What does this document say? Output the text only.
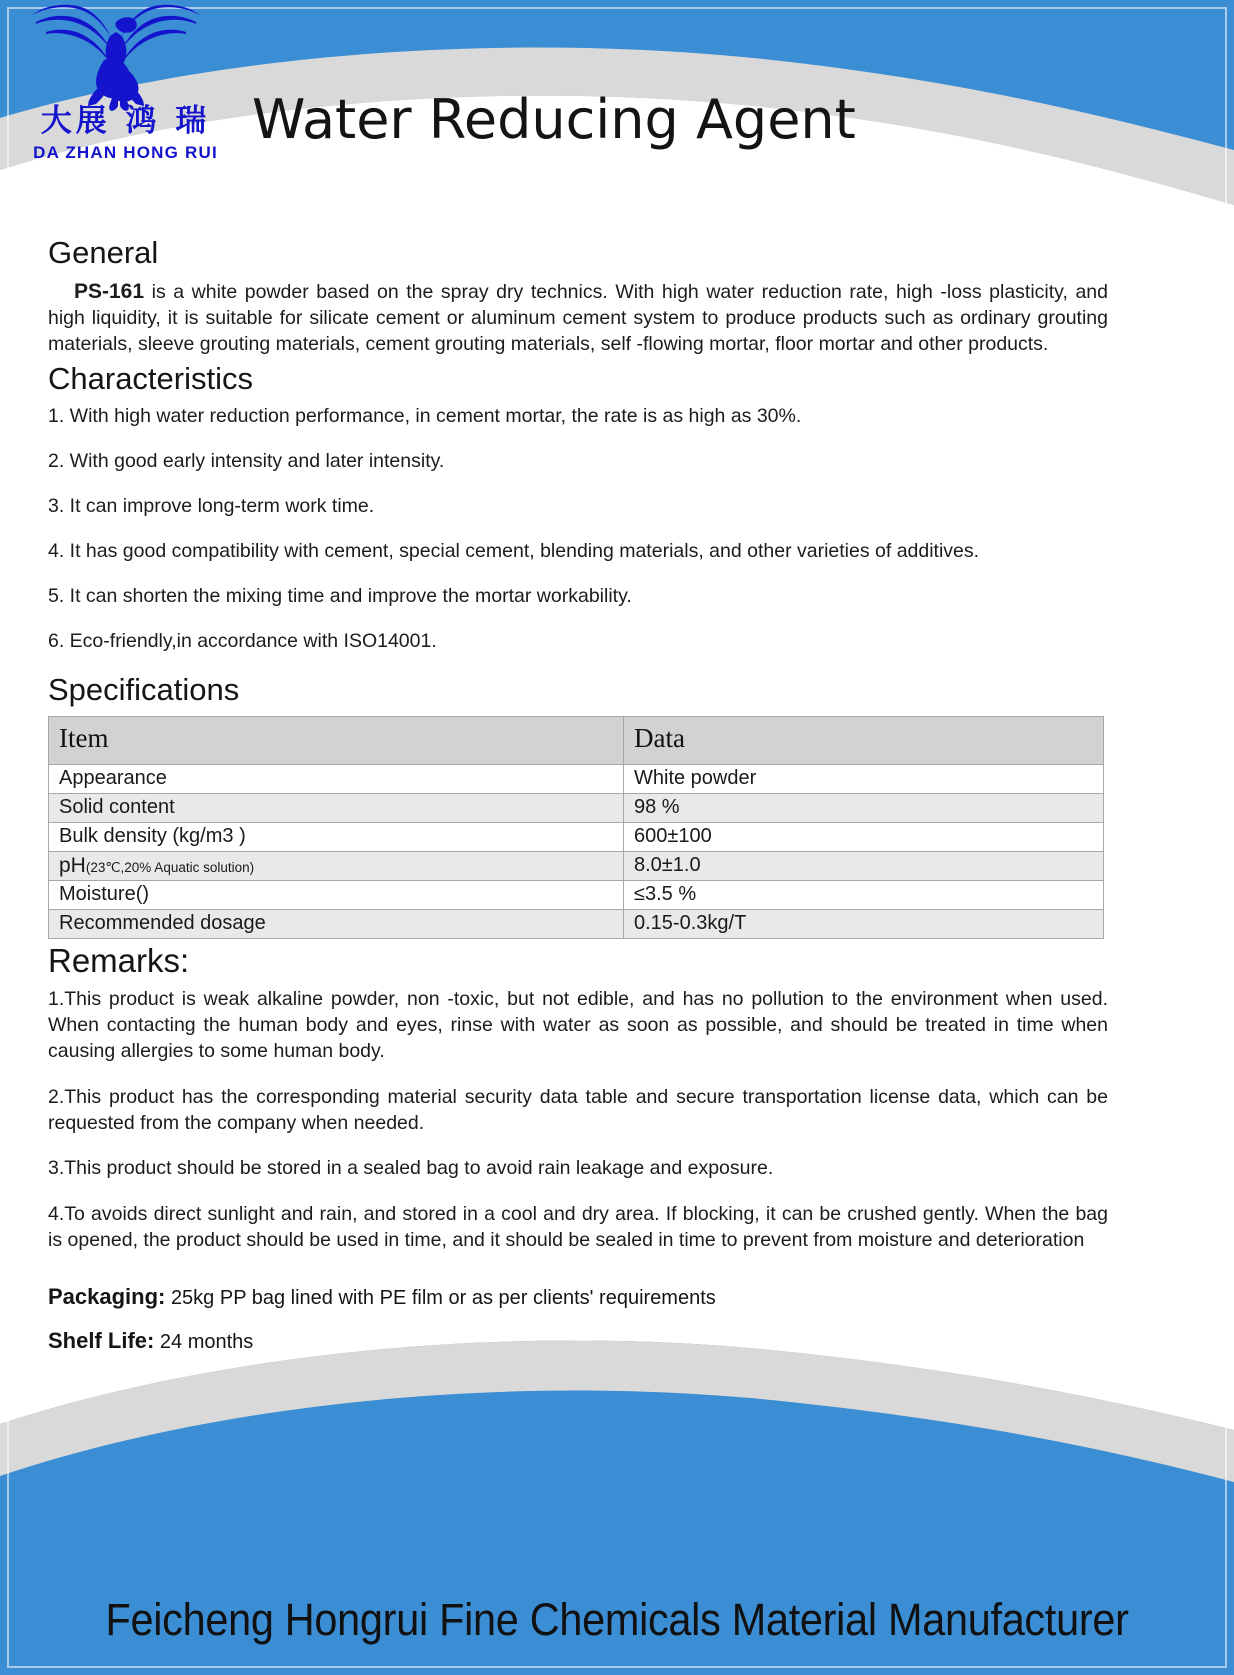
大展 鸿 瑞
DA ZHAN HONG RUI
Water Reducing Agent
General

PS-161 is a white powder based on the spray dry technics. With high water reduction rate, high -loss plasticity, and high liquidity, it is suitable for silicate cement or aluminum cement system to produce products such as ordinary grouting materials, sleeve grouting materials, cement grouting materials, self -flowing mortar, floor mortar and other products.

Characteristics

1. With high water reduction performance, in cement mortar, the rate is as high as 30%.

2. With good early intensity and later intensity.

3. It can improve long-term work time.

4. It has good compatibility with cement, special cement, blending materials, and other varieties of additives.

5. It can shorten the mixing time and improve the mortar workability.

6. Eco-friendly,in accordance with ISO14001.

Specifications
Item	Data
Appearance	White powder
Solid content	98 %
Bulk density (kg/m3 )	600±100
pH(23℃,20% Aquatic solution)	8.0±1.0
Moisture()	≤3.5 %
Recommended dosage	0.15-0.3kg/T
Remarks:

1.This product is weak alkaline powder, non -toxic, but not edible, and has no pollution to the environment when used. When contacting the human body and eyes, rinse with water as soon as possible, and should be treated in time when causing allergies to some human body.

2.This product has the corresponding material security data table and secure transportation license data, which can be requested from the company when needed.

3.This product should be stored in a sealed bag to avoid rain leakage and exposure.

4.To avoids direct sunlight and rain, and stored in a cool and dry area. If blocking, it can be crushed gently. When the bag is opened, the product should be used in time, and it should be sealed in time to prevent from moisture and deterioration

Packaging: 25kg PP bag lined with PE film or as per clients' requirements

Shelf Life: 24 months

Feicheng Hongrui Fine Chemicals Material Manufacturer
